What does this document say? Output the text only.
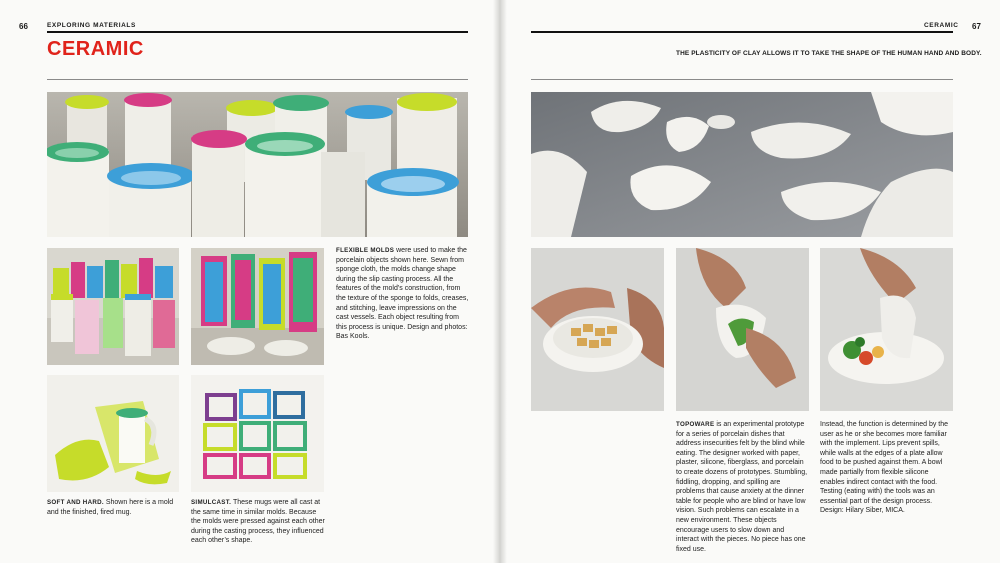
66	EXPLORING MATERIALS
CERAMIC
CERAMIC 67
THE PLASTICITY OF CLAY ALLOWS IT TO TAKE THE SHAPE OF THE HUMAN HAND AND BODY.
FLEXIBLE MOLDS were used to make the porcelain objects shown here. Sewn from sponge cloth, the molds change shape during the slip casting process. All the features of the mold’s construction, from the texture of the sponge to folds, creases, and stitching, leave impressions on the cast vessels. Each object resulting from this process is unique. Design and photos: Bas Kools.
SOFT AND HARD. Shown here is a mold and the finished, fired mug.
SIMULCAST. These mugs were all cast at the same time in similar molds. Because the molds were pressed against each other during the casting process, they influenced each other’s shape.
TOPOWARE is an experimental prototype for a series of porcelain dishes that address insecurities felt by the blind while eating. The designer worked with paper, plaster, silicone, fiberglass, and porcelain to create dozens of prototypes. Stumbling, fiddling, dropping, and spilling are problems that cause anxiety at the dinner table for people who are blind or have low vision. Such problems can escalate in a new environment. These objects encourage users to slow down and interact with the pieces. No piece has one fixed use.
Instead, the function is determined by the user as he or she becomes more familiar with the implement. Lips prevent spills, while walls at the edges of a plate allow food to be pushed against them. A bowl made partially from flexible silicone enables indirect contact with the food. Testing (eating with) the tools was an essential part of the design process. Design: Hilary Siber, MICA.
